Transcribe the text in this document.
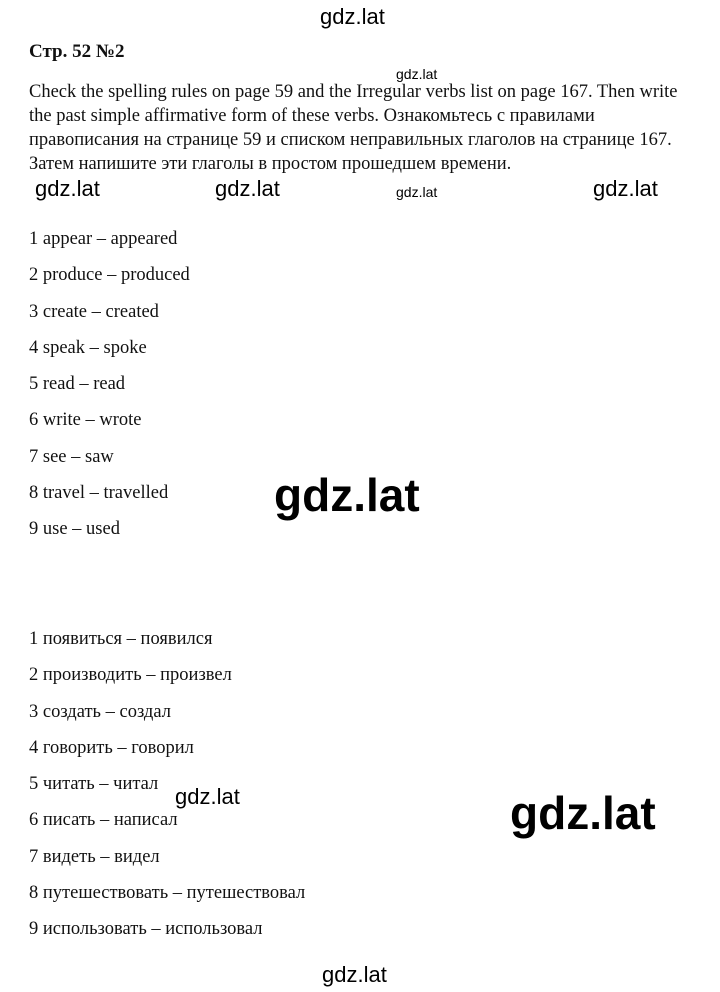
gdz.lat
Стр. 52 №2

Check the spelling rules on page 59 and the Irregular verbs list on page 167. Then write the past simple affirmative form of these verbs. Ознакомьтесь с правилами правописания на странице 59 и списком неправильных глаголов на странице 167. Затем напишите эти глаголы в простом прошедшем времени.

gdz.lat
gdz.lat	gdz.lat	gdz.lat	gdz.lat
1 appear – appeared
2 produce – produced
3 create – created
4 speak – spoke
5 read – read
6 write – wrote
7 see – saw
8 travel – travelled
9 use – used
gdz.lat
1 появиться – появился
2 производить – произвел
3 создать – создал
4 говорить – говорил
5 читать – читал
6 писать – написал
7 видеть – видел
8 путешествовать – путешествовал
9 использовать – использовал
gdz.lat	gdz.lat
gdz.lat
